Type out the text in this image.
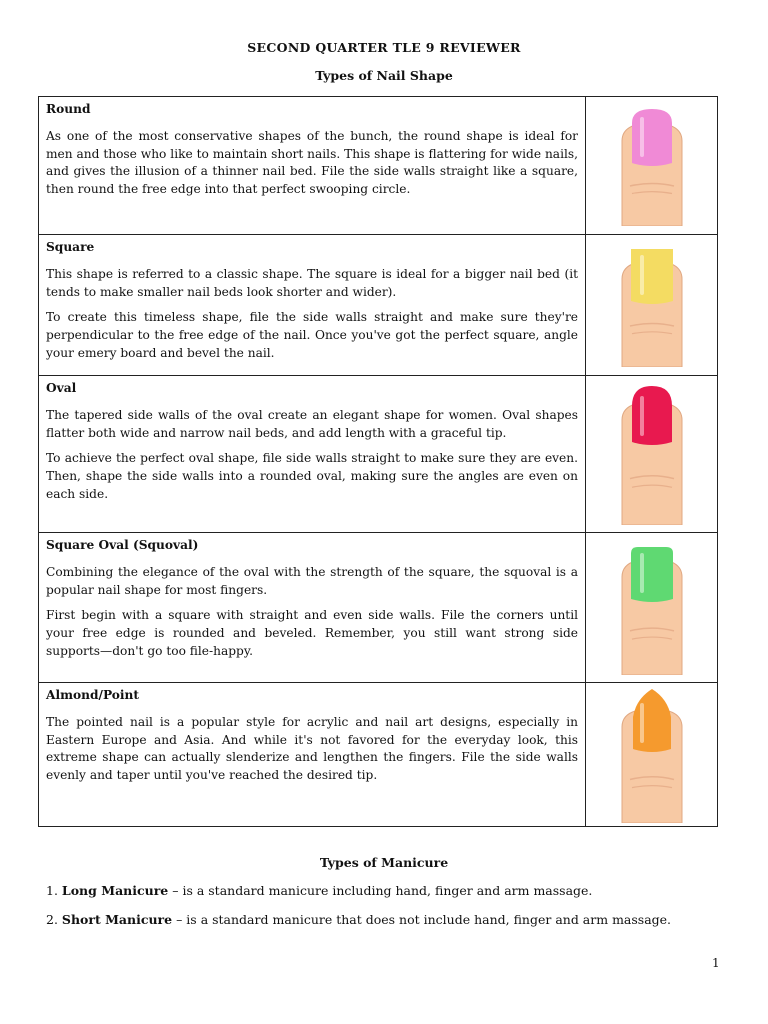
SECOND QUARTER TLE 9 REVIEWER
Types of Nail Shape
Round
As one of the most conservative shapes of the bunch, the round shape is ideal for men and those who like to maintain short nails. This shape is flattering for wide nails, and gives the illusion of a thinner nail bed. File the side walls straight like a square, then round the free edge into that perfect swooping circle.

Square
This shape is referred to a classic shape. The square is ideal for a bigger nail bed (it tends to make smaller nail beds look shorter and wider).
To create this timeless shape, file the side walls straight and make sure they're perpendicular to the free edge of the nail. Once you've got the perfect square, angle your emery board and bevel the nail.

Oval
The tapered side walls of the oval create an elegant shape for women. Oval shapes flatter both wide and narrow nail beds, and add length with a graceful tip.
To achieve the perfect oval shape, file side walls straight to make sure they are even. Then, shape the side walls into a rounded oval, making sure the angles are even on each side.

Square Oval (Squoval)
Combining the elegance of the oval with the strength of the square, the squoval is a popular nail shape for most fingers.
First begin with a square with straight and even side walls. File the corners until your free edge is rounded and beveled. Remember, you still want strong side supports—don't go too file-happy.

Almond/Point
The pointed nail is a popular style for acrylic and nail art designs, especially in Eastern Europe and Asia. And while it's not favored for the everyday look, this extreme shape can actually slenderize and lengthen the fingers. File the side walls evenly and taper until you've reached the desired tip.

Types of Manicure
1. Long Manicure – is a standard manicure including hand, finger and arm massage.
2. Short Manicure – is a standard manicure that does not include hand, finger and arm massage.
1
